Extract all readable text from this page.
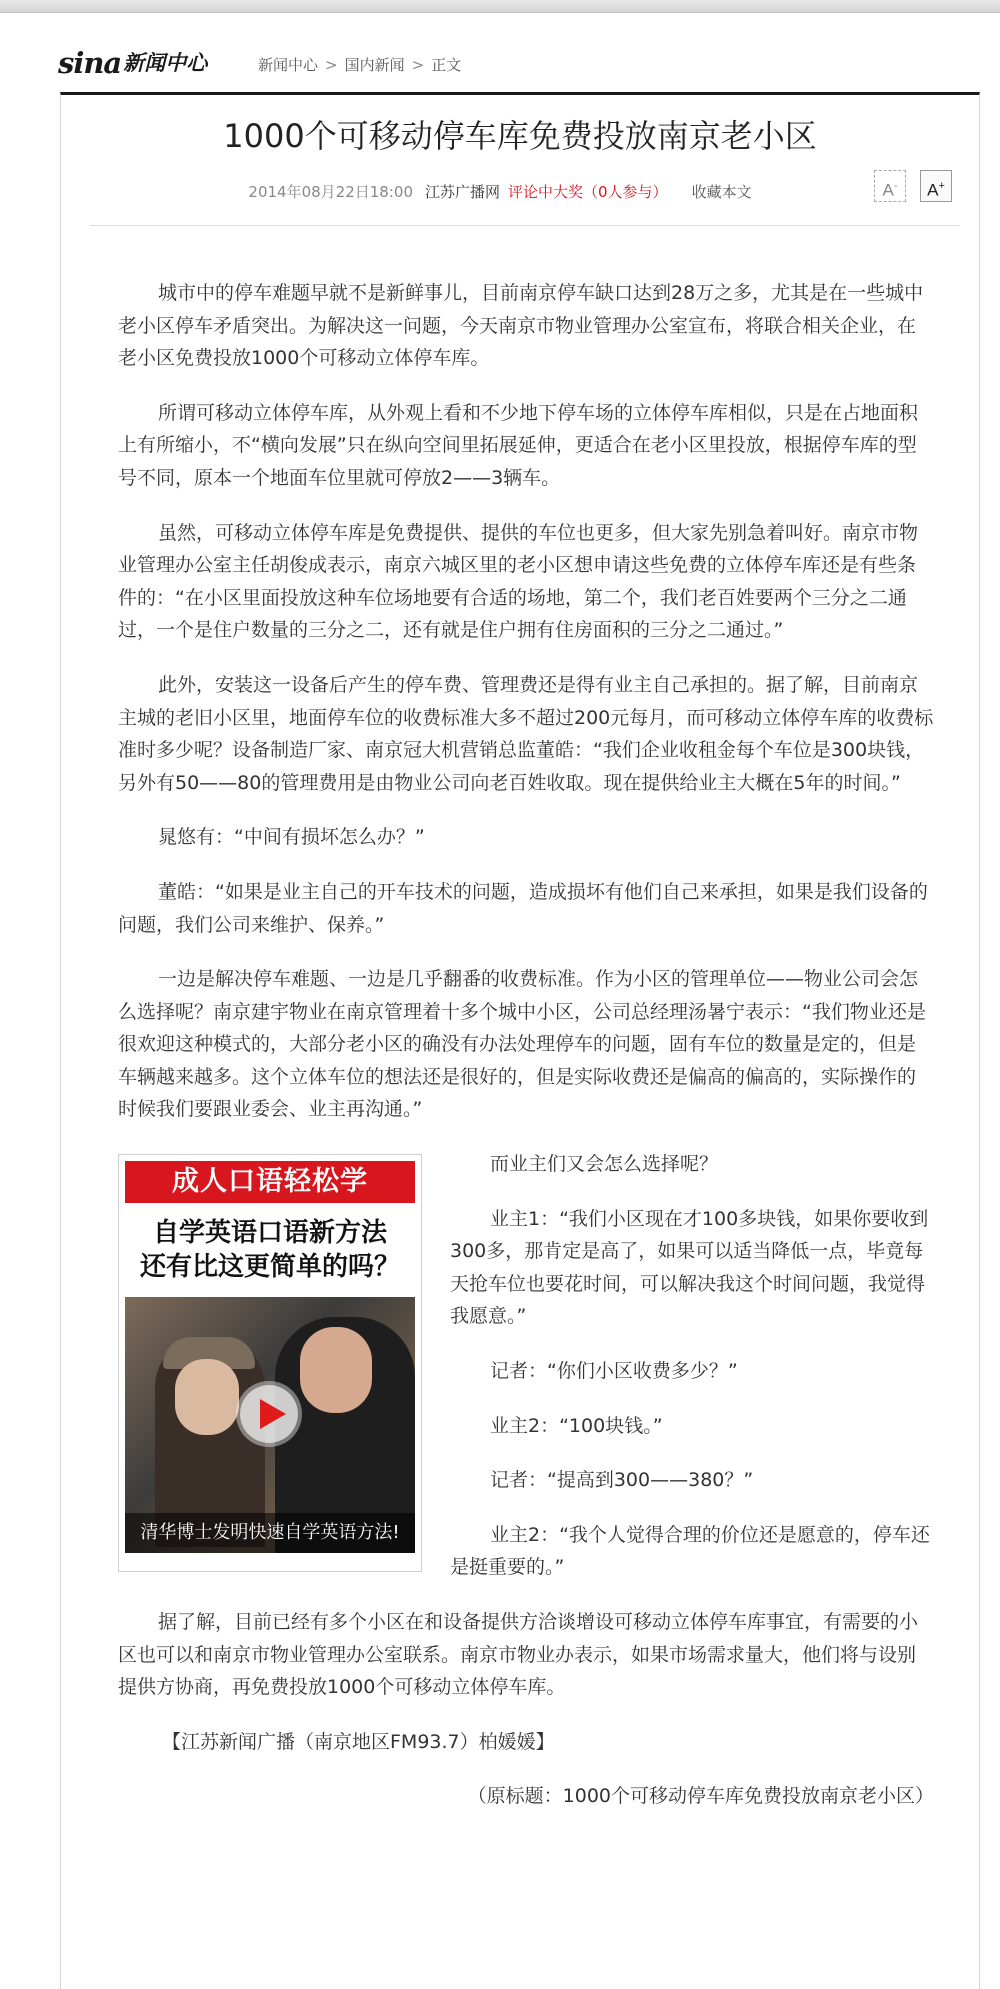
sina 新闻中心	新闻中心 > 国内新闻 > 正文
1000个可移动停车库免费投放南京老小区
2014年08月22日18:00 江苏广播网 评论中大奖（0人参与） 收藏本文	A-	A+

城市中的停车难题早就不是新鲜事儿，目前南京停车缺口达到28万之多，尤其是在一些城中老小区停车矛盾突出。为解决这一问题，今天南京市物业管理办公室宣布，将联合相关企业，在老小区免费投放1000个可移动立体停车库。

所谓可移动立体停车库，从外观上看和不少地下停车场的立体停车库相似，只是在占地面积上有所缩小，不“横向发展”只在纵向空间里拓展延伸，更适合在老小区里投放，根据停车库的型号不同，原本一个地面车位里就可停放2——3辆车。

虽然，可移动立体停车库是免费提供、提供的车位也更多，但大家先别急着叫好。南京市物业管理办公室主任胡俊成表示，南京六城区里的老小区想申请这些免费的立体停车库还是有些条件的：“在小区里面投放这种车位场地要有合适的场地，第二个，我们老百姓要两个三分之二通过，一个是住户数量的三分之二，还有就是住户拥有住房面积的三分之二通过。”

此外，安装这一设备后产生的停车费、管理费还是得有业主自己承担的。据了解，目前南京主城的老旧小区里，地面停车位的收费标准大多不超过200元每月，而可移动立体停车库的收费标准时多少呢？设备制造厂家、南京冠大机营销总监董皓：“我们企业收租金每个车位是300块钱，另外有50——80的管理费用是由物业公司向老百姓收取。现在提供给业主大概在5年的时间。”

晁悠有：“中间有损坏怎么办？”

董皓：“如果是业主自己的开车技术的问题，造成损坏有他们自己来承担，如果是我们设备的问题，我们公司来维护、保养。”

一边是解决停车难题、一边是几乎翻番的收费标准。作为小区的管理单位——物业公司会怎么选择呢？南京建宇物业在南京管理着十多个城中小区，公司总经理汤暑宁表示：“我们物业还是很欢迎这种模式的，大部分老小区的确没有办法处理停车的问题，固有车位的数量是定的，但是车辆越来越多。这个立体车位的想法还是很好的，但是实际收费还是偏高的偏高的，实际操作的时候我们要跟业委会、业主再沟通。”

成人口语轻松学
自学英语口语新方法
还有比这更简单的吗？
清华博士发明快速自学英语方法!

而业主们又会怎么选择呢？

业主1：“我们小区现在才100多块钱，如果你要收到300多，那肯定是高了，如果可以适当降低一点，毕竟每天抢车位也要花时间，可以解决我这个时间问题，我觉得我愿意。”

记者：“你们小区收费多少？”

业主2：“100块钱。”

记者：“提高到300——380？”

业主2：“我个人觉得合理的价位还是愿意的，停车还是挺重要的。”

据了解，目前已经有多个小区在和设备提供方洽谈增设可移动立体停车库事宜，有需要的小区也可以和南京市物业管理办公室联系。南京市物业办表示，如果市场需求量大，他们将与设别提供方协商，再免费投放1000个可移动立体停车库。

【江苏新闻广播（南京地区FM93.7）柏媛媛】

（原标题：1000个可移动停车库免费投放南京老小区）
